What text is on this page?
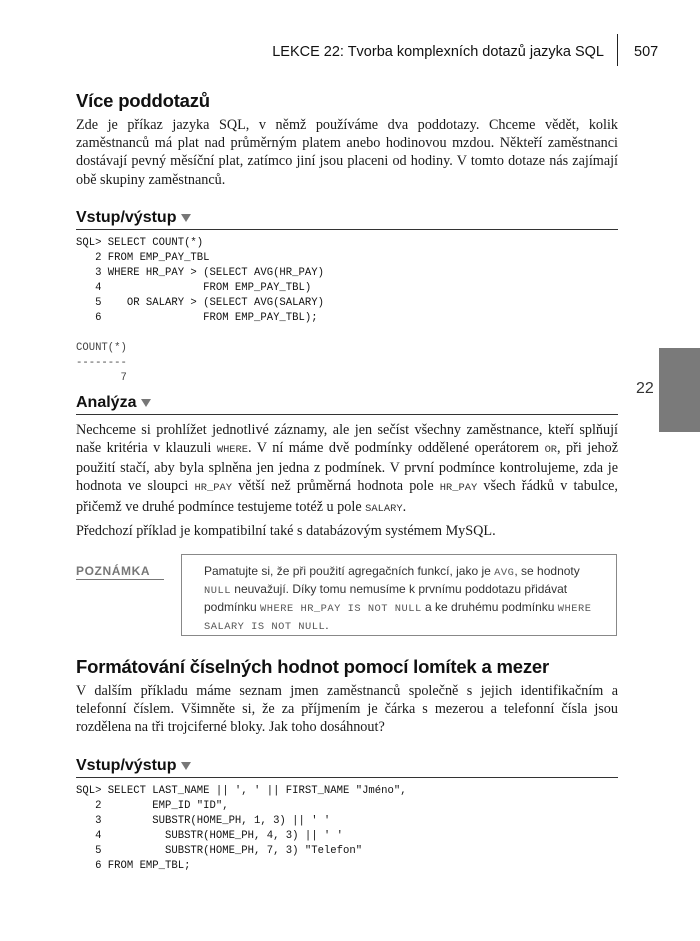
LEKCE 22: Tvorba komplexních dotazů jazyka SQL 507
22
Více poddotazů

Zde je příkaz jazyka SQL, v němž používáme dva poddotazy. Chceme vědět, kolik zaměstnanců má plat nad průměrným platem anebo hodinovou mzdou. Někteří zaměstnanci dostávají pevný měsíční plat, zatímco jiní jsou placeni od hodiny. V tomto dotaze nás zajímají obě skupiny zaměstnanců.

Vstup/výstup
SQL> SELECT COUNT(*)
2 FROM EMP_PAY_TBL
3 WHERE HR_PAY > (SELECT AVG(HR_PAY)
4                FROM EMP_PAY_TBL)
5    OR SALARY > (SELECT AVG(SALARY)
6                FROM EMP_PAY_TBL);
COUNT(*)
--------
7
Analýza

Nechceme si prohlížet jednotlivé záznamy, ale jen sečíst všechny zaměstnance, kteří splňují naše kritéria v klauzuli WHERE. V ní máme dvě podmínky oddělené operátorem OR, při jehož použití stačí, aby byla splněna jen jedna z podmínek. V první podmínce kontrolujeme, zda je hodnota ve sloupci HR_PAY větší než průměrná hodnota pole HR_PAY všech řádků v tabulce, přičemž ve druhé podmínce testujeme totéž u pole SALARY.

Předchozí příklad je kompatibilní také s databázovým systémem MySQL.

POZNÁMKA	Pamatujte si, že při použití agregačních funkcí, jako je AVG, se hodnoty NULL neuvažují. Díky tomu nemusíme k prvnímu poddotazu přidávat podmínku WHERE HR_PAY IS NOT NULL a ke druhému podmínku WHERE SALARY IS NOT NULL.
Formátování číselných hodnot pomocí lomítek a mezer

V dalším příkladu máme seznam jmen zaměstnanců společně s jejich identifikačním a telefonní číslem. Všimněte si, že za příjmením je čárka s mezerou a telefonní čísla jsou rozdělena na tři trojciferné bloky. Jak toho dosáhnout?

Vstup/výstup
SQL> SELECT LAST_NAME || ', ' || FIRST_NAME "Jméno",
2        EMP_ID "ID",
3        SUBSTR(HOME_PH, 1, 3) || ' '
4          SUBSTR(HOME_PH, 4, 3) || ' '
5          SUBSTR(HOME_PH, 7, 3) "Telefon"
6 FROM EMP_TBL;
